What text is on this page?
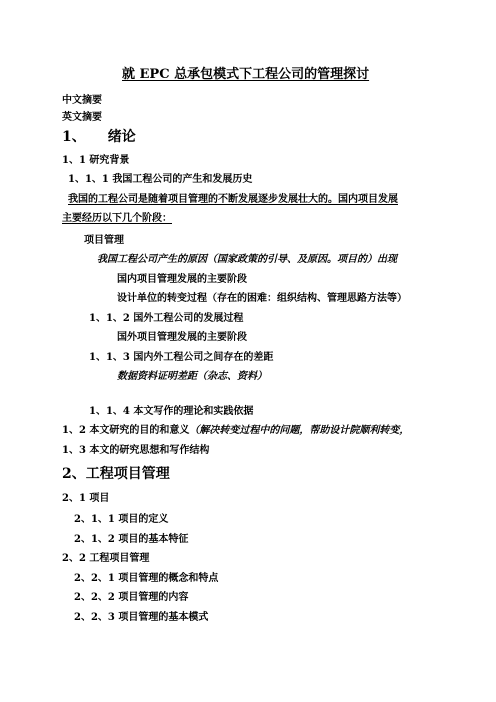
就 EPC 总承包模式下工程公司的管理探讨
中文摘要
英文摘要
1、 绪论
1、1 研究背景
1、1、1 我国工程公司的产生和发展历史
我国的工程公司是随着项目管理的不断发展逐步发展壮大的。国内项目发展
主要经历以下几个阶段：
项目管理
我国工程公司产生的原因（国家政策的引导、及原因。项目的）出现
国内项目管理发展的主要阶段
设计单位的转变过程（存在的困难：组织结构、管理思路方法等）
1、1、2 国外工程公司的发展过程
国外项目管理发展的主要阶段
1、1、3 国内外工程公司之间存在的差距
数据资料证明差距（杂志、资料）
1、1、4 本文写作的理论和实践依据
1、2 本文研究的目的和意义（解决转变过程中的问题，帮助设计院顺利转变，
1、3 本文的研究思想和写作结构
2、工程项目管理
2、1 项目
2、1、1 项目的定义
2、1、2 项目的基本特征
2、2 工程项目管理
2、2、1 项目管理的概念和特点
2、2、2 项目管理的内容
2、2、3 项目管理的基本模式
